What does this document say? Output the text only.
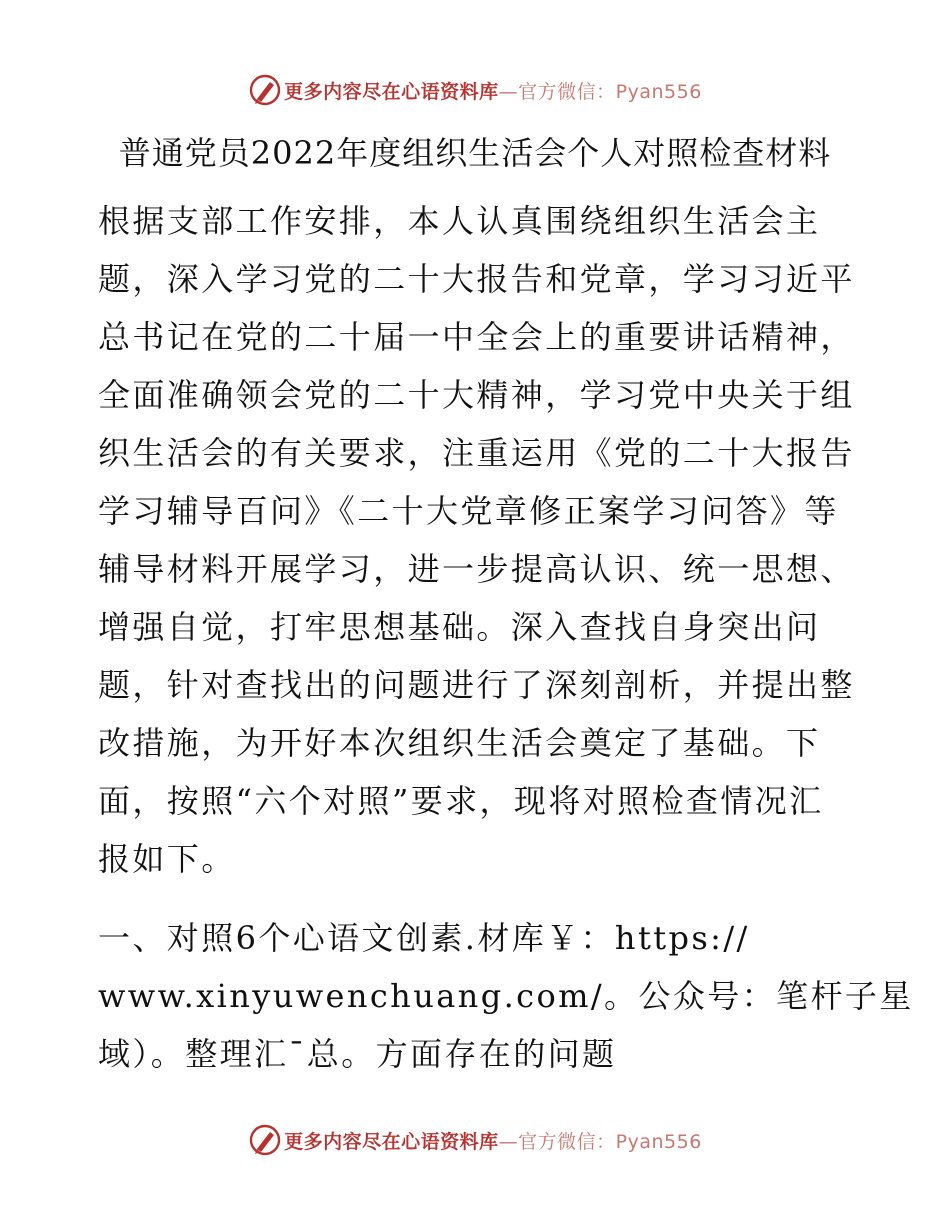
更多内容尽在心语资料库—官方微信：Pyan556
普通党员2022年度组织生活会个人对照检查材料
根据支部工作安排，本人认真围绕组织生活会主
题，深入学习党的二十大报告和党章，学习习近平
总书记在党的二十届一中全会上的重要讲话精神，
全面准确领会党的二十大精神，学习党中央关于组
织生活会的有关要求，注重运用《党的二十大报告
学习辅导百问》《二十大党章修正案学习问答》等
辅导材料开展学习，进一步提高认识、统一思想、
增强自觉，打牢思想基础。深入查找自身突出问
题，针对查找出的问题进行了深刻剖析，并提出整
改措施，为开好本次组织生活会奠定了基础。下
面，按照“六个对照”要求，现将对照检查情况汇
报如下。
一、对照6个心语文创素.材库￥：https://
www.xinyuwenchuang.com/。公众号：笔杆子星
域）。整理汇¯总。方面存在的问题
更多内容尽在心语资料库—官方微信：Pyan556
